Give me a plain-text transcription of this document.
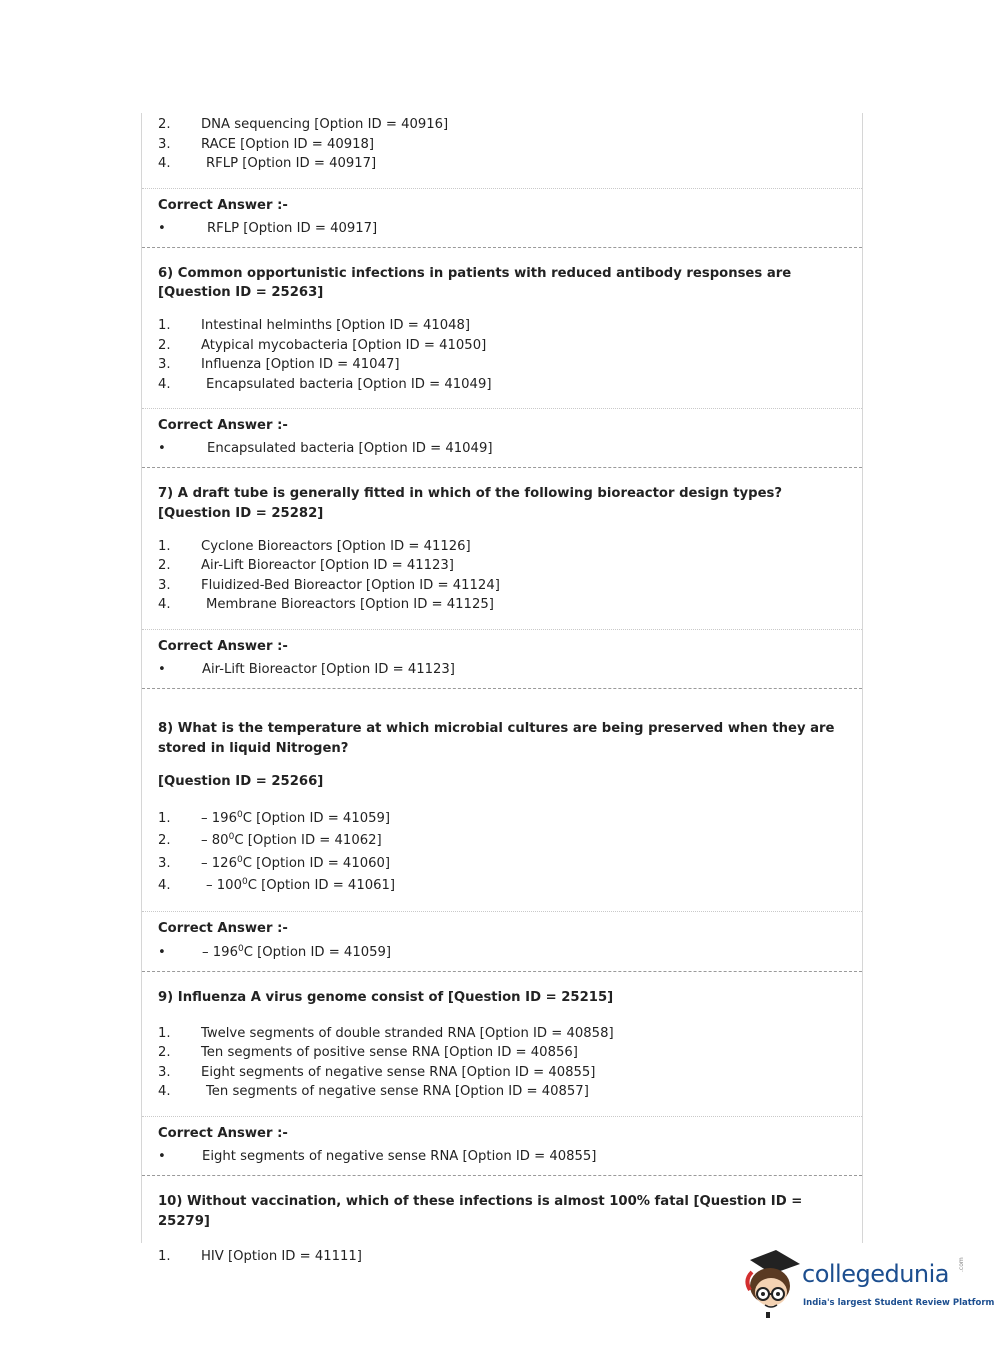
2.	DNA sequencing [Option ID = 40916]
3.	RACE [Option ID = 40918]
4.	RFLP [Option ID = 40917]
Correct Answer :-
•	RFLP [Option ID = 40917]
6) Common opportunistic infections in patients with reduced antibody responses are [Question ID = 25263]
1.	Intestinal helminths [Option ID = 41048]
2.	Atypical mycobacteria [Option ID = 41050]
3.	Influenza [Option ID = 41047]
4.	Encapsulated bacteria [Option ID = 41049]
Correct Answer :-
•	Encapsulated bacteria [Option ID = 41049]
7) A draft tube is generally fitted in which of the following bioreactor design types? [Question ID = 25282]
1.	Cyclone Bioreactors [Option ID = 41126]
2.	Air-Lift Bioreactor [Option ID = 41123]
3.	Fluidized-Bed Bioreactor [Option ID = 41124]
4.	Membrane Bioreactors [Option ID = 41125]
Correct Answer :-
•	Air-Lift Bioreactor [Option ID = 41123]
8) What is the temperature at which microbial cultures are being preserved when they are stored in liquid Nitrogen?
[Question ID = 25266]
1.	– $196^0C$ [Option ID = 41059]
2.	– $80^0C$ [Option ID = 41062]
3.	– $126^0C$ [Option ID = 41060]
4.	– $100^0C$ [Option ID = 41061]
Correct Answer :-
•	– $196^0C$ [Option ID = 41059]
9) Influenza A virus genome consist of [Question ID = 25215]
1.	Twelve segments of double stranded RNA [Option ID = 40858]
2.	Ten segments of positive sense RNA [Option ID = 40856]
3.	Eight segments of negative sense RNA [Option ID = 40855]
4.	Ten segments of negative sense RNA [Option ID = 40857]
Correct Answer :-
•	Eight segments of negative sense RNA [Option ID = 40855]
10) Without vaccination, which of these infections is almost 100% fatal [Question ID = 25279]
1.	HIV [Option ID = 41111]
collegedunia .com
India's largest Student Review Platform
